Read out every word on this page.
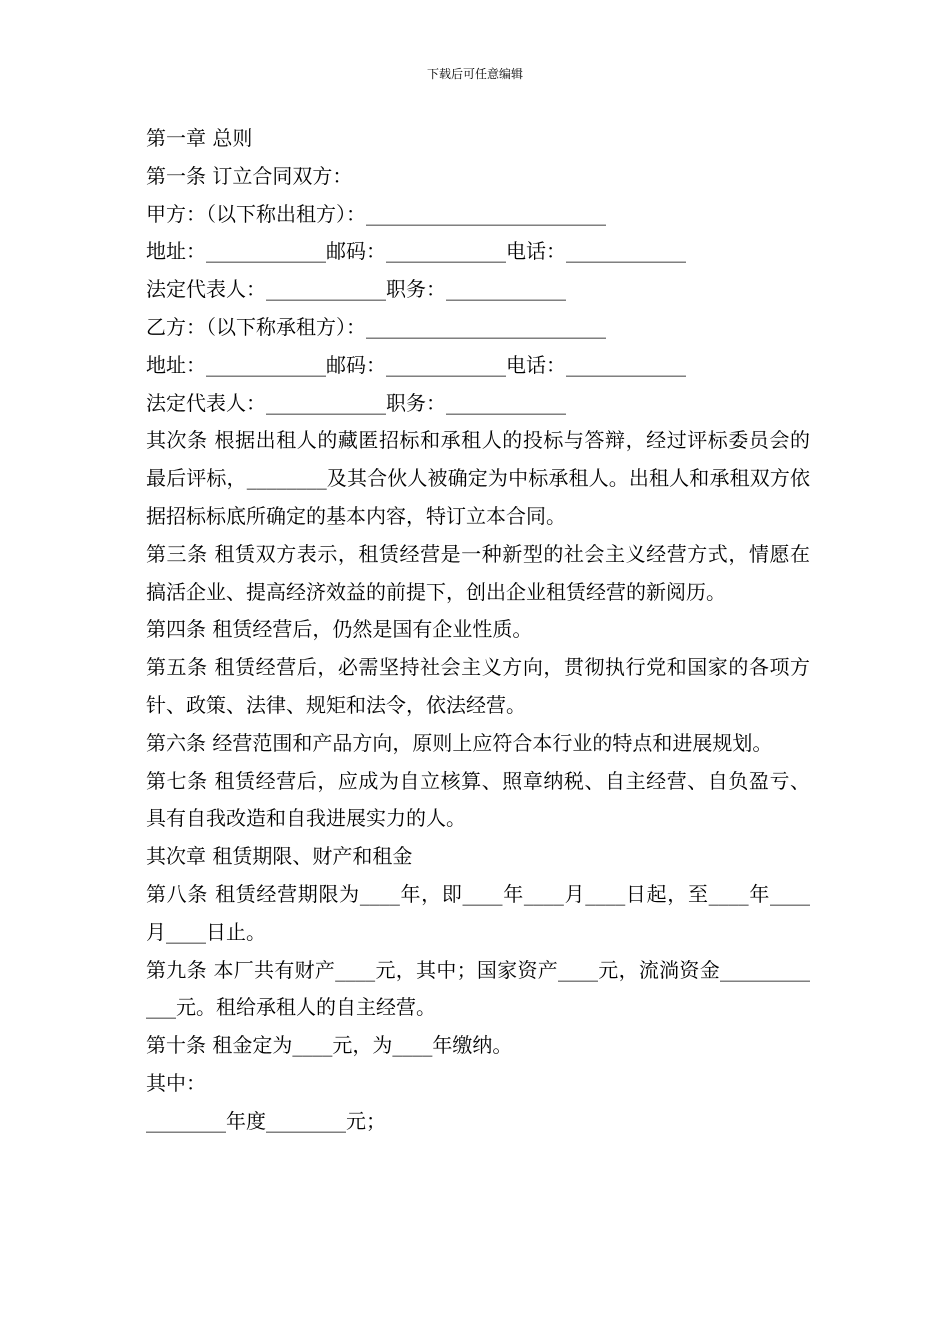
下载后可任意编辑
第一章 总则
第一条 订立合同双方：
甲方：（以下称出租方）：________________________
地址：____________邮码：____________电话：____________
法定代表人：____________职务：____________
乙方：（以下称承租方）：________________________
地址：____________邮码：____________电话：____________
法定代表人：____________职务：____________
其次条 根据出租人的藏匿招标和承租人的投标与答辩，经过评标委员会的最后评标，________及其合伙人被确定为中标承租人。出租人和承租双方依据招标标底所确定的基本内容，特订立本合同。
第三条 租赁双方表示，租赁经营是一种新型的社会主义经营方式，情愿在搞活企业、提高经济效益的前提下，创出企业租赁经营的新阅历。
第四条 租赁经营后，仍然是国有企业性质。
第五条 租赁经营后，必需坚持社会主义方向，贯彻执行党和国家的各项方针、政策、法律、规矩和法令，依法经营。
第六条 经营范围和产品方向，原则上应符合本行业的特点和进展规划。
第七条 租赁经营后，应成为自立核算、照章纳税、自主经营、自负盈亏、具有自我改造和自我进展实力的人。
其次章 租赁期限、财产和租金
第八条 租赁经营期限为____年，即____年____月____日起，至____年____月____日止。
第九条 本厂共有财产____元，其中；国家资产____元，流淌资金____________元。租给承租人的自主经营。
第十条 租金定为____元，为____年缴纳。
其中：
________年度________元；
